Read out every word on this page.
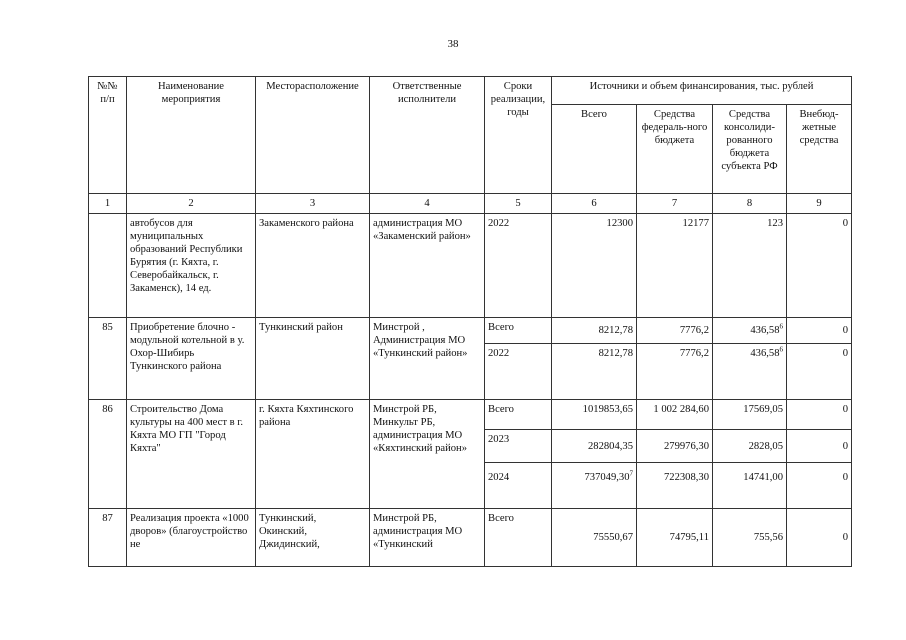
38
№№ п/п	Наименование мероприятия	Месторасположение	Ответственные исполнители	Сроки реализации, годы	Источники и объем финансирования, тыс. рублей			
					Всего	Средства федераль-ного бюджета	Средства консолиди-рованного бюджета субъекта РФ	Внебюд-жетные средства
1	2	3	4	5	6	7	8	9
	автобусов для муниципальных образований Республики Бурятия (г. Кяхта, г. Северобайкальск, г. Закаменск), 14 ед.	Закаменского района	администрация МО «Закаменский район»	2022	12300	12177	123	0
85	Приобретение блочно - модульной котельной в у. Охор-Шибирь Тункинского района	Тункинский район	Минстрой , Администрация МО «Тункинский район»	Всего	8212,78	7776,2	436,58$^6$	0
				2022	8212,78	7776,2	436,58$^6$	0
86	Строительство Дома культуры на 400 мест в г. Кяхта МО ГП "Город Кяхта"	г. Кяхта Кяхтинского района	Минстрой РБ, Минкульт РБ, администрация МО «Кяхтинский район»	Всего	1019853,65	1 002 284,60	17569,05	0
				2023	282804,35	279976,30	2828,05	0
				2024	737049,30$^7$	722308,30	14741,00	0
87	Реализация проекта «1000 дворов» (благоустройство не	Тункинский, Окинский, Джидинский,	Минстрой РБ, администрация МО «Тункинский	Всего	75550,67	74795,11	755,56	0
